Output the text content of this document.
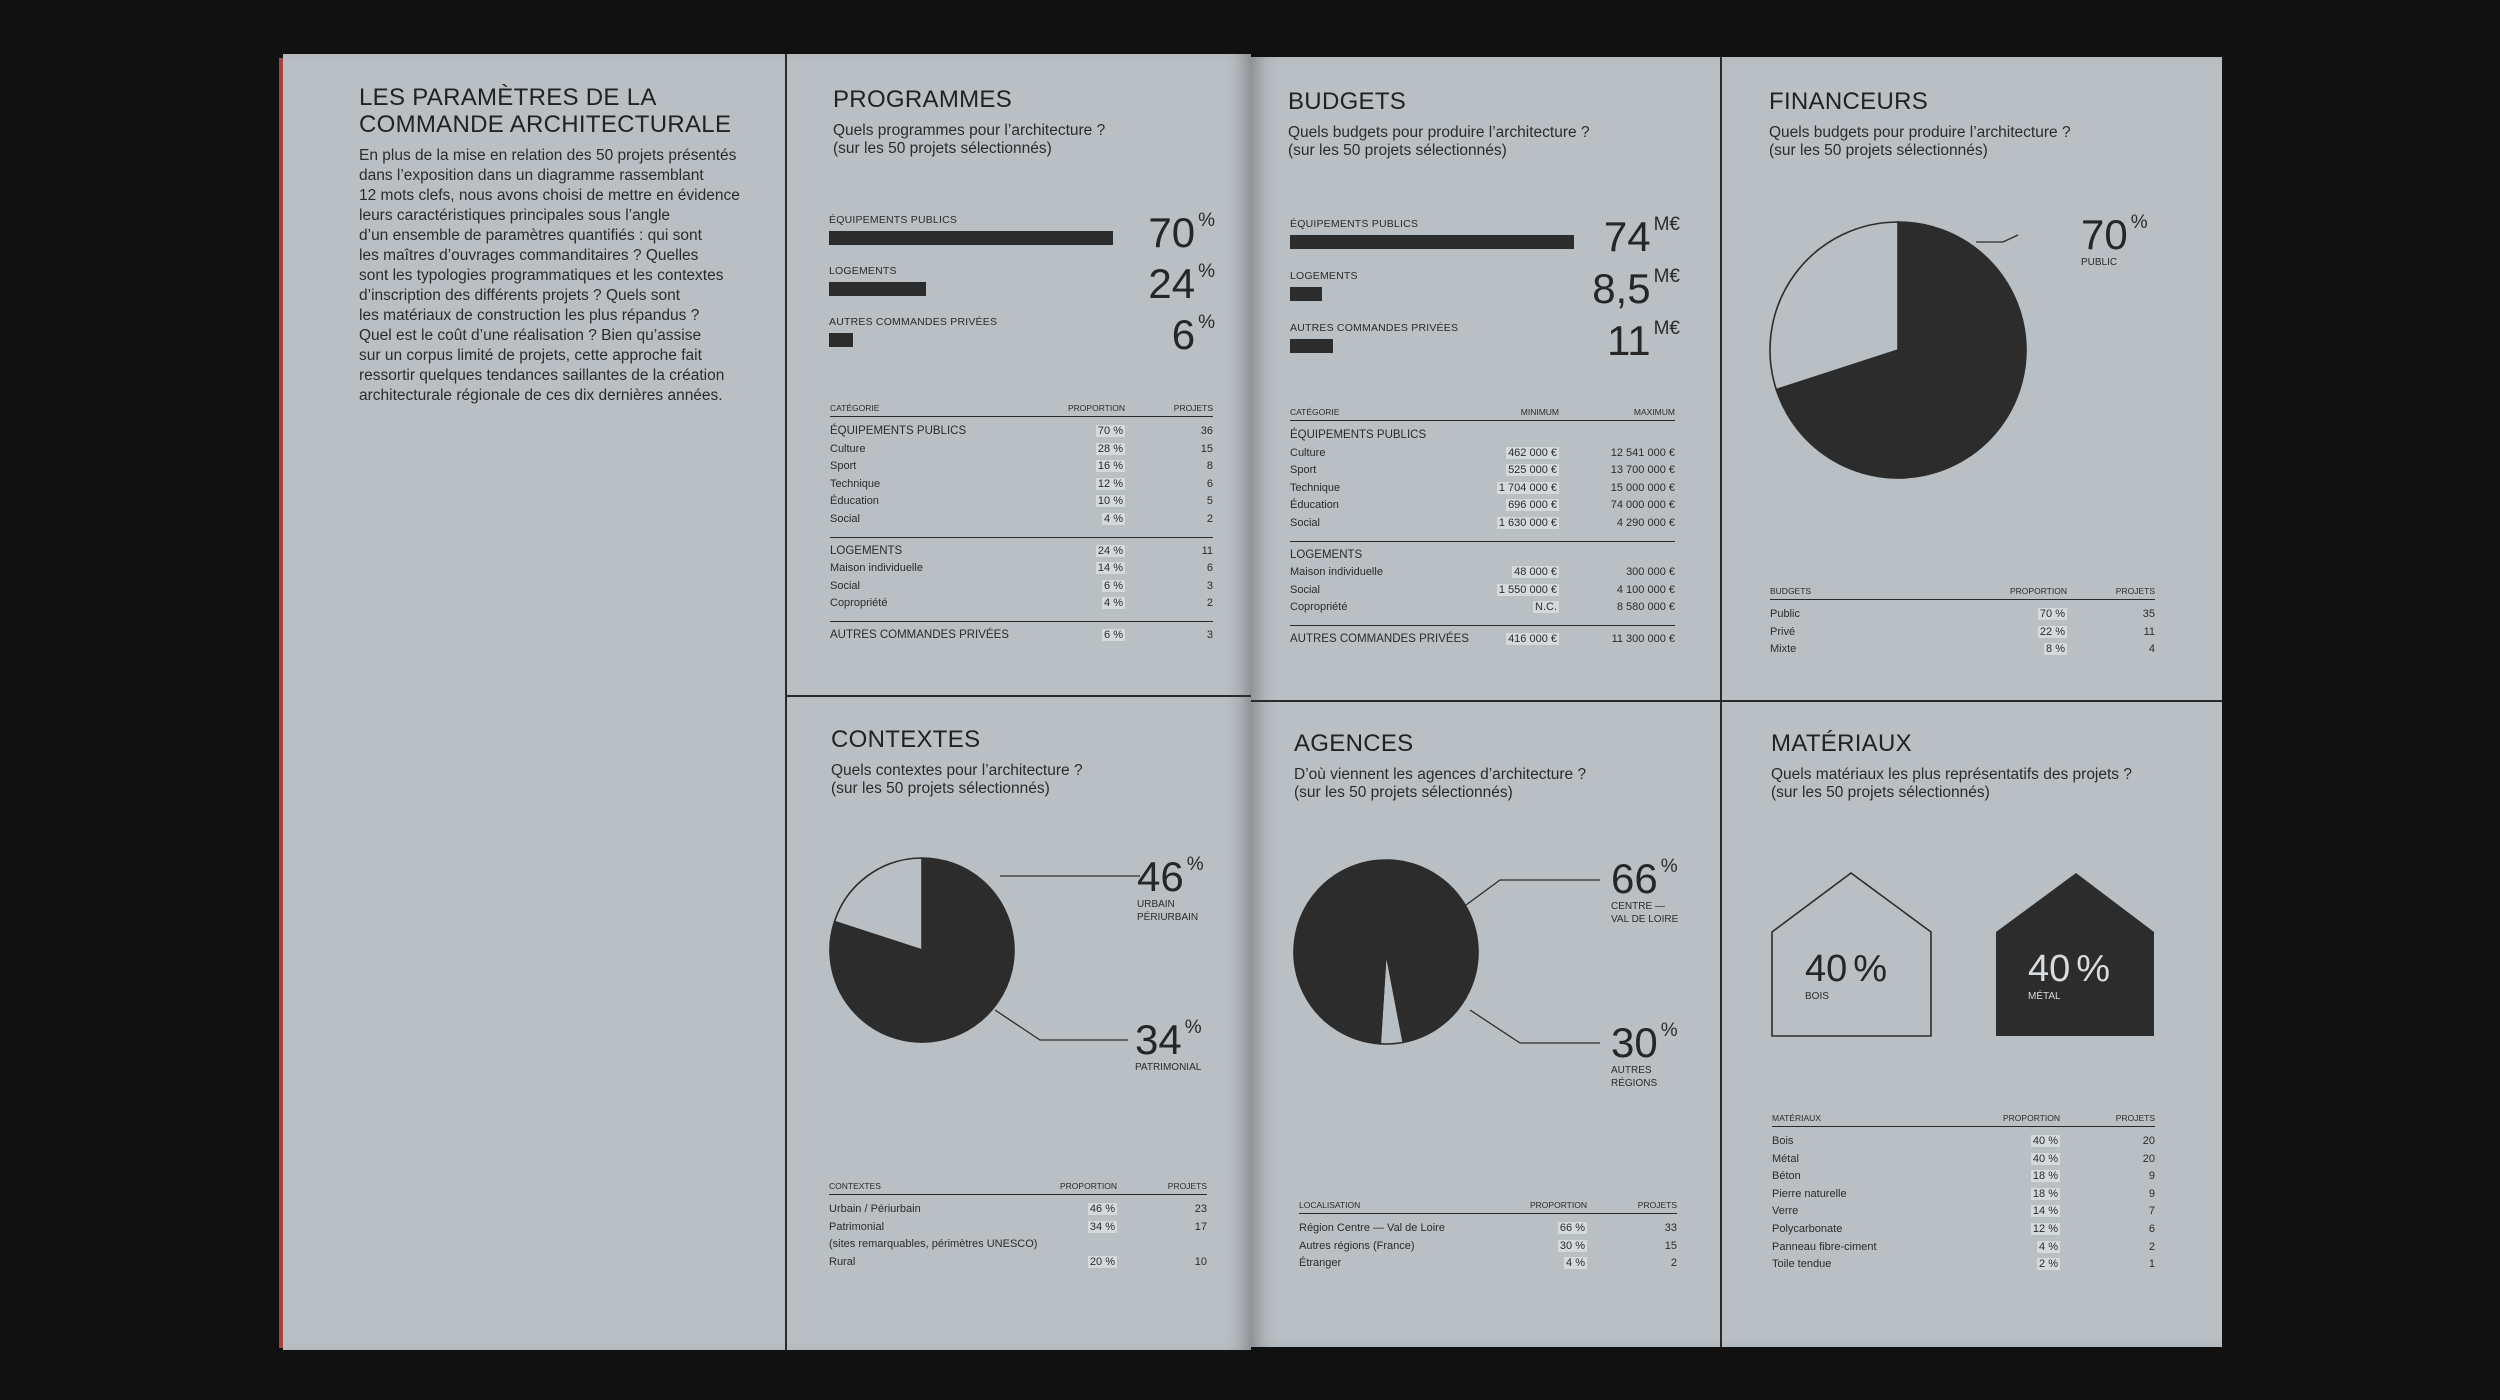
LES PARAMÈTRES DE LA
COMMANDE ARCHITECTURALE
En plus de la mise en relation des 50 projets présentés
dans l’exposition dans un diagramme rassemblant
12 mots clefs, nous avons choisi de mettre en évidence
leurs caractéristiques principales sous l’angle
d’un ensemble de paramètres quantifiés : qui sont
les maîtres d’ouvrages commanditaires ? Quelles
sont les typologies programmatiques et les contextes
d’inscription des différents projets ? Quels sont
les matériaux de construction les plus répandus ?
Quel est le coût d’une réalisation ? Bien qu’assise
sur un corpus limité de projets, cette approche fait
ressortir quelques tendances saillantes de la création
architecturale régionale de ces dix dernières années.
PROGRAMMES
Quels programmes pour l’architecture ?
(sur les 50 projets sélectionnés)
ÉQUIPEMENTS PUBLICS	70 %
LOGEMENTS	24 %
AUTRES COMMANDES PRIVÉES	6 %
CATÉGORIE	PROPORTION	PROJETS
ÉQUIPEMENTS PUBLICS	70 %	36
Culture	28 %	15
Sport	16 %	8
Technique	12 %	6
Éducation	10 %	5
Social	4 %	2
LOGEMENTS	24 %	11
Maison individuelle	14 %	6
Social	6 %	3
Copropriété	4 %	2
AUTRES COMMANDES PRIVÉES	6 %	3
BUDGETS
Quels budgets pour produire l’architecture ?
(sur les 50 projets sélectionnés)
ÉQUIPEMENTS PUBLICS	74 M€
LOGEMENTS	8,5 M€
AUTRES COMMANDES PRIVÉES	11 M€
CATÉGORIE	MINIMUM	MAXIMUM
ÉQUIPEMENTS PUBLICS
Culture	462 000 €	12 541 000 €
Sport	525 000 €	13 700 000 €
Technique	1 704 000 €	15 000 000 €
Éducation	696 000 €	74 000 000 €
Social	1 630 000 €	4 290 000 €
LOGEMENTS
Maison individuelle	48 000 €	300 000 €
Social	1 550 000 €	4 100 000 €
Copropriété	N.C.	8 580 000 €
AUTRES COMMANDES PRIVÉES	416 000 €	11 300 000 €
FINANCEURS
Quels budgets pour produire l’architecture ?
(sur les 50 projets sélectionnés)
70 %
PUBLIC
BUDGETS	PROPORTION	PROJETS
Public	70 %	35
Privé	22 %	11
Mixte	8 %	4
CONTEXTES
Quels contextes pour l’architecture ?
(sur les 50 projets sélectionnés)
46 %
URBAIN
PÉRIURBAIN
34 %
PATRIMONIAL
CONTEXTES	PROPORTION	PROJETS
Urbain / Périurbain	46 %	23
Patrimonial	34 %	17
(sites remarquables, périmètres UNESCO)
Rural	20 %	10
AGENCES
D’où viennent les agences d’architecture ?
(sur les 50 projets sélectionnés)
66 %
CENTRE —
VAL DE LOIRE
30 %
AUTRES
RÉGIONS
LOCALISATION	PROPORTION	PROJETS
Région Centre — Val de Loire	66 %	33
Autres régions (France)	30 %	15
Étranger	4 %	2
MATÉRIAUX
Quels matériaux les plus représentatifs des projets ?
(sur les 50 projets sélectionnés)
40 %
BOIS
40 %
MÉTAL
MATÉRIAUX	PROPORTION	PROJETS
Bois	40 %	20
Métal	40 %	20
Béton	18 %	9
Pierre naturelle	18 %	9
Verre	14 %	7
Polycarbonate	12 %	6
Panneau fibre-ciment	4 %	2
Toile tendue	2 %	1
